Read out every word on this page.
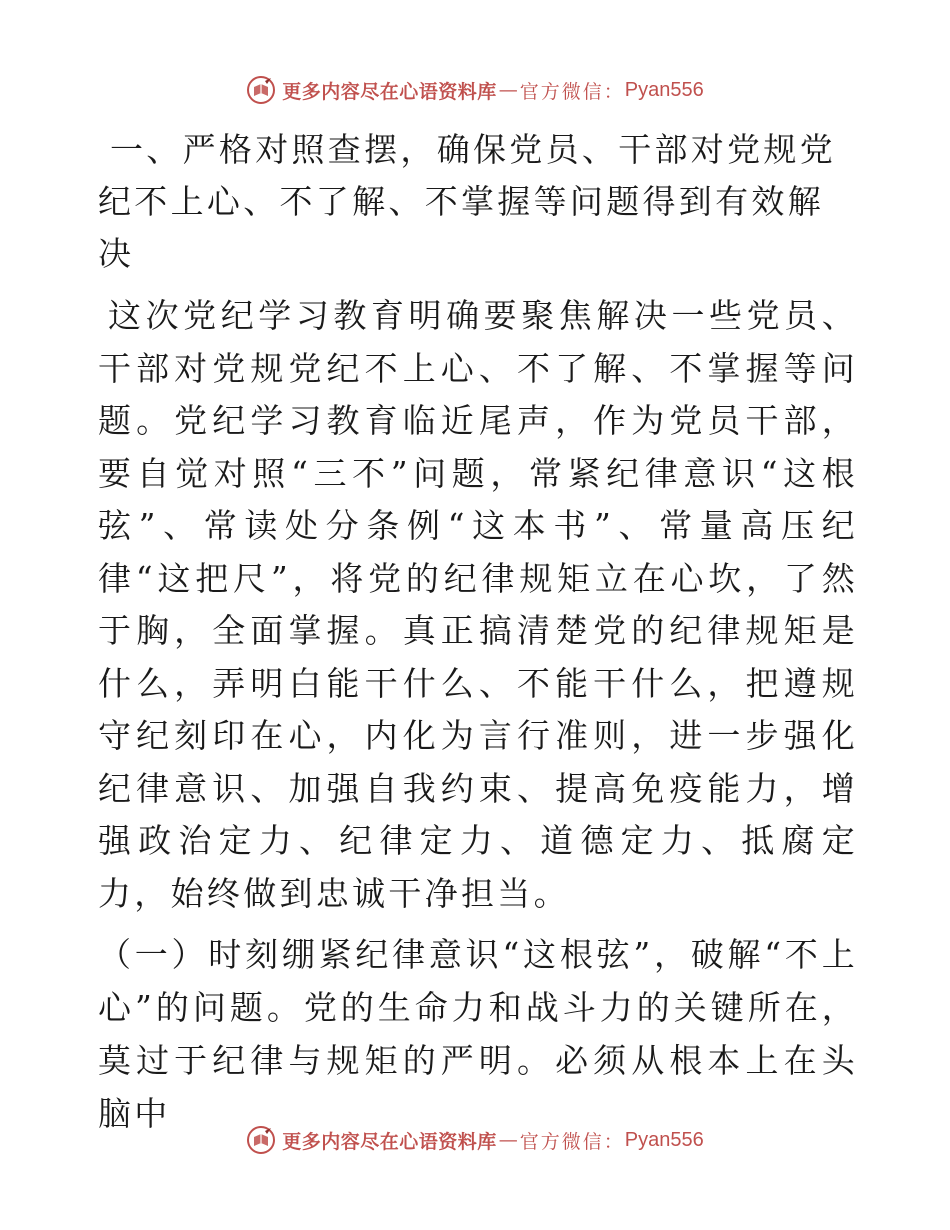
更多内容尽在心语资料库 — 官方微信： Pyan556

一、严格对照查摆，确保党员、干部对党规党纪不上心、不了解、不掌握等问题得到有效解决

这次党纪学习教育明确要聚焦解决一些党员、干部对党规党纪不上心、不了解、不掌握等问题。党纪学习教育临近尾声，作为党员干部，要自觉对照“三不”问题，常紧纪律意识“这根弦”、常读处分条例“这本书”、常量高压纪律“这把尺”，将党的纪律规矩立在心坎，了然于胸，全面掌握。真正搞清楚党的纪律规矩是什么，弄明白能干什么、不能干什么，把遵规守纪刻印在心，内化为言行准则，进一步强化纪律意识、加强自我约束、提高免疫能力，增强政治定力、纪律定力、道德定力、抵腐定力，始终做到忠诚干净担当。

（一）时刻绷紧纪律意识“这根弦”，破解“不上心”的问题。党的生命力和战斗力的关键所在，莫过于纪律与规矩的严明。必须从根本上在头脑中

更多内容尽在心语资料库 — 官方微信： Pyan556
